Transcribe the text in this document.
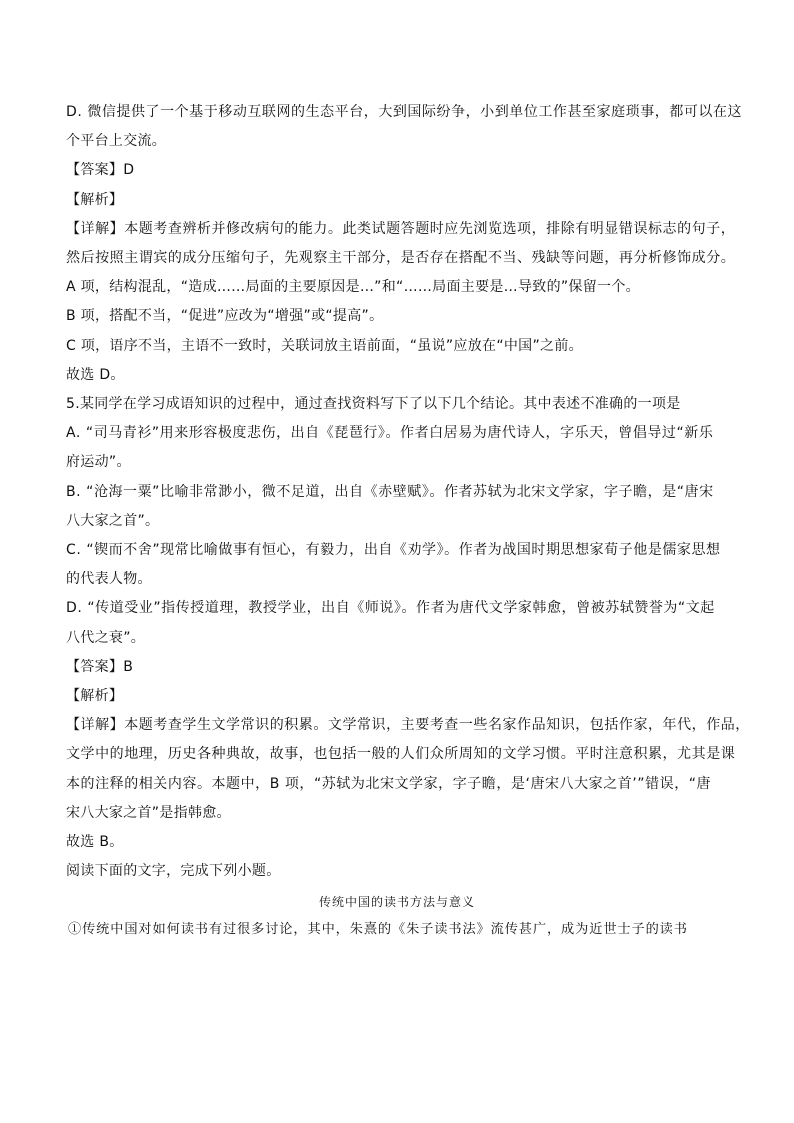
D. 微信提供了一个基于移动互联网的生态平台，大到国际纷争，小到单位工作甚至家庭琐事，都可以在这
个平台上交流。
【答案】D
【解析】
【详解】本题考查辨析并修改病句的能力。此类试题答题时应先浏览选项，排除有明显错误标志的句子，
然后按照主谓宾的成分压缩句子，先观察主干部分，是否存在搭配不当、残缺等问题，再分析修饰成分。
A 项，结构混乱，“造成……局面的主要原因是…”和“……局面主要是…导致的”保留一个。
B 项，搭配不当，“促进”应改为“增强”或“提高”。
C 项，语序不当，主语不一致时，关联词放主语前面，“虽说”应放在“中国”之前。
故选 D。
5.某同学在学习成语知识的过程中，通过查找资料写下了以下几个结论。其中表述不准确的一项是
A. “司马青衫”用来形容极度悲伤，出自《琵琶行》。作者白居易为唐代诗人，字乐天，曾倡导过“新乐
府运动”。
B. “沧海一粟”比喻非常渺小，微不足道，出自《赤壁赋》。作者苏轼为北宋文学家，字子瞻，是“唐宋
八大家之首”。
C. “锲而不舍”现常比喻做事有恒心，有毅力，出自《劝学》。作者为战国时期思想家荀子他是儒家思想
的代表人物。
D. “传道受业”指传授道理，教授学业，出自《师说》。作者为唐代文学家韩愈，曾被苏轼赞誉为“文起
八代之衰”。
【答案】B
【解析】
【详解】本题考查学生文学常识的积累。文学常识，主要考查一些名家作品知识，包括作家，年代，作品，
文学中的地理，历史各种典故，故事，也包括一般的人们众所周知的文学习惯。平时注意积累，尤其是课
本的注释的相关内容。本题中，B 项，“苏轼为北宋文学家，字子瞻，是‘唐宋八大家之首’”错误，“唐
宋八大家之首”是指韩愈。
故选 B。
阅读下面的文字，完成下列小题。
传统中国的读书方法与意义
①传统中国对如何读书有过很多讨论，其中，朱熹的《朱子读书法》流传甚广，成为近世士子的读书
